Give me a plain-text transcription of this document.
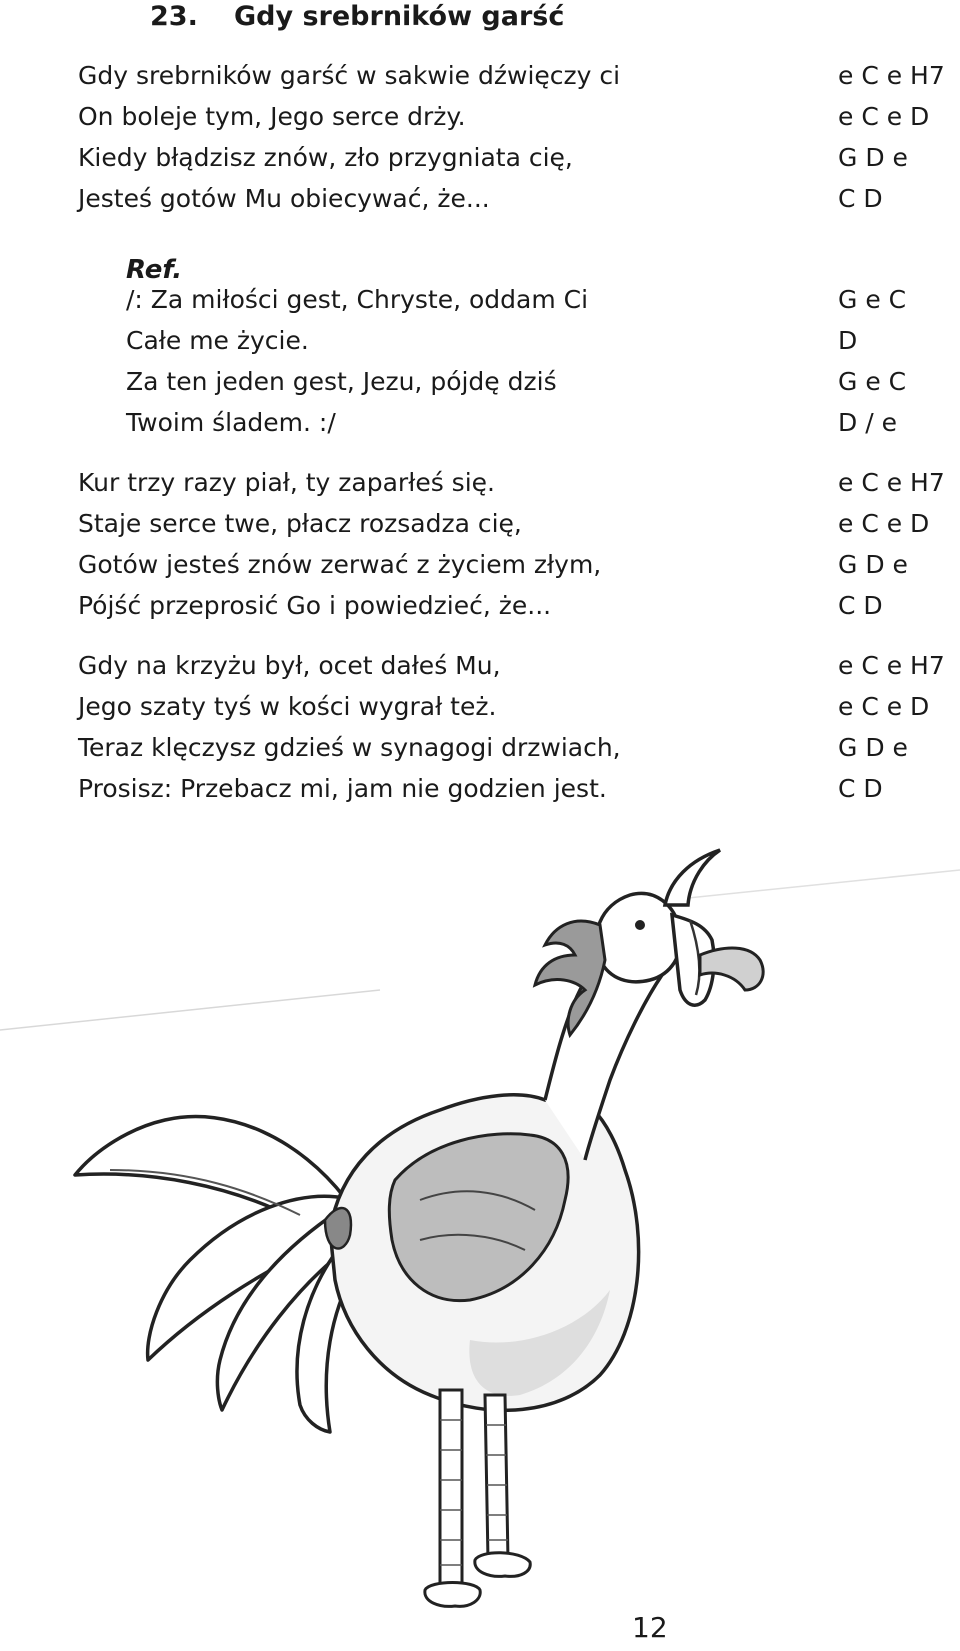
23. Gdy srebrników garść
Gdy srebrników garść w sakwie dźwięczy ci
On boleje tym, Jego serce drży.
Kiedy błądzisz znów, zło przygniata cię,
Jesteś gotów Mu obiecywać, że...
e C e H7
e C e D
G D e
C D
Ref.
/: Za miłości gest, Chryste, oddam Ci
Całe me życie.
Za ten jeden gest, Jezu, pójdę dziś
Twoim śladem. :/
G e C
D
G e C
D / e
Kur trzy razy piał, ty zaparłeś się.
Staje serce twe, płacz rozsadza cię,
Gotów jesteś znów zerwać z życiem złym,
Pójść przeprosić Go i powiedzieć, że...
e C e H7
e C e D
G D e
C D
Gdy na krzyżu był, ocet dałeś Mu,
Jego szaty tyś w kości wygrał też.
Teraz klęczysz gdzieś w synagogi drzwiach,
Prosisz: Przebacz mi, jam nie godzien jest.
e C e H7
e C e D
G D e
C D
12
